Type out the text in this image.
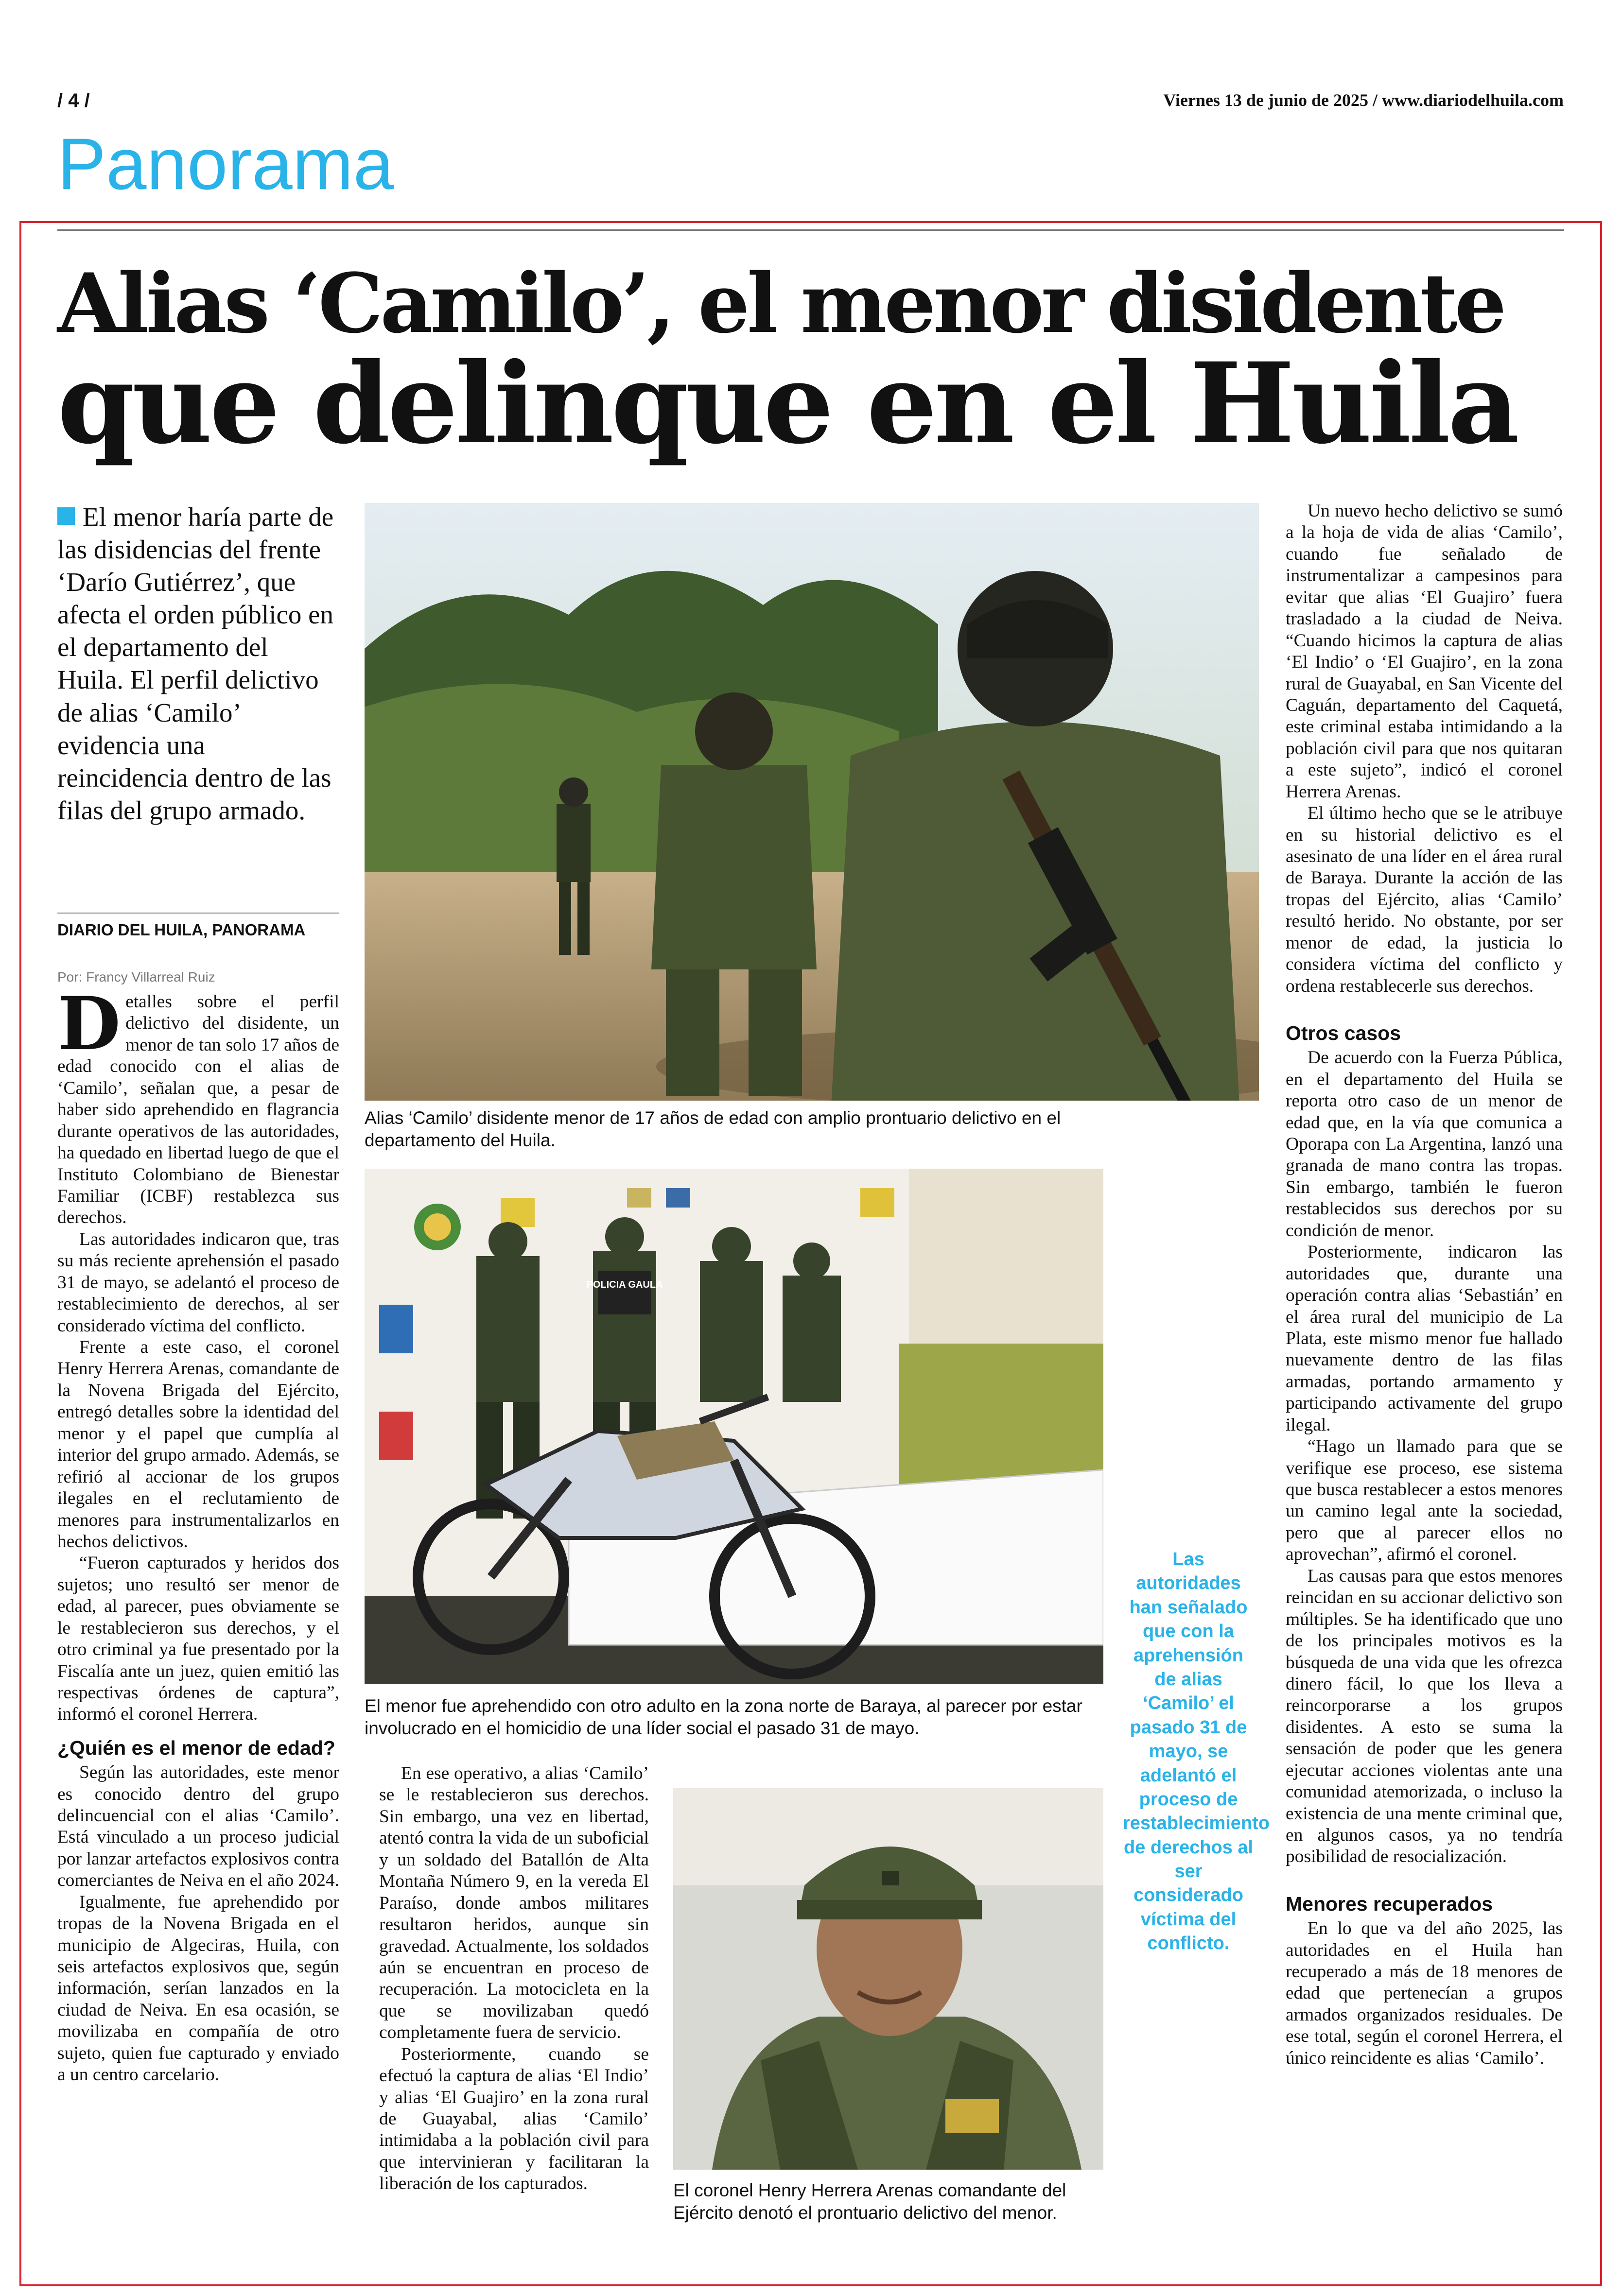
/ 4 /	Viernes 13 de junio de 2025 / www.diariodelhuila.com
Panorama
Alias ‘Camilo’, el menor disidente
que delinque en el Huila
El menor haría parte de las disidencias del frente ‘Darío Gutiérrez’, que afecta el orden público en el departamento del Huila. El perfil delictivo de alias ‘Camilo’ evidencia una reincidencia dentro de las filas del grupo armado.
DIARIO DEL HUILA, PANORAMA
Por: Francy Villarreal Ruiz

Detalles sobre el perfil delictivo del disidente, un menor de tan solo 17 años de edad conocido con el alias de ‘Camilo’, señalan que, a pesar de haber sido aprehendido en flagrancia durante operativos de las autoridades, ha quedado en libertad luego de que el Instituto Colombiano de Bienestar Familiar (ICBF) restablezca sus derechos.

Las autoridades indicaron que, tras su más reciente aprehensión el pasado 31 de mayo, se adelantó el proceso de restablecimiento de derechos, al ser considerado víctima del conflicto.

Frente a este caso, el coronel Henry Herrera Arenas, comandante de la Novena Brigada del Ejército, entregó detalles sobre la identidad del menor y el papel que cumplía al interior del grupo armado. Además, se refirió al accionar de los grupos ilegales en el reclutamiento de menores para instrumentalizarlos en hechos delictivos.

“Fueron capturados y heridos dos sujetos; uno resultó ser menor de edad, al parecer, pues obviamente se le restablecieron sus derechos, y el otro criminal ya fue presentado por la Fiscalía ante un juez, quien emitió las respectivas órdenes de captura”, informó el coronel Herrera.

¿Quién es el menor de edad?

Según las autoridades, este menor es conocido dentro del grupo delincuencial con el alias ‘Camilo’. Está vinculado a un proceso judicial por lanzar artefactos explosivos contra comerciantes de Neiva en el año 2024.

Igualmente, fue aprehendido por tropas de la Novena Brigada en el municipio de Algeciras, Huila, con seis artefactos explosivos que, según información, serían lanzados en la ciudad de Neiva. En esa ocasión, se movilizaba en compañía de otro sujeto, quien fue capturado y enviado a un centro carcelario.

Alias ‘Camilo’ disidente menor de 17 años de edad con amplio prontuario delictivo en el departamento del Huila.
POLICIA GAULA
El menor fue aprehendido con otro adulto en la zona norte de Baraya, al parecer por estar involucrado en el homicidio de una líder social el pasado 31 de mayo.

En ese operativo, a alias ‘Camilo’ se le restablecieron sus derechos. Sin embargo, una vez en libertad, atentó contra la vida de un suboficial y un soldado del Batallón de Alta Montaña Número 9, en la vereda El Paraíso, donde ambos militares resultaron heridos, aunque sin gravedad. Actualmente, los soldados aún se encuentran en proceso de recuperación. La motocicleta en la que se movilizaban quedó completamente fuera de servicio.

Posteriormente, cuando se efectuó la captura de alias ‘El Indio’ y alias ‘El Guajiro’ en la zona rural de Guayabal, alias ‘Camilo’ intimidaba a la población civil para que intervinieran y facilitaran la liberación de los capturados.	El coronel Henry Herrera Arenas comandante del Ejército denotó el prontuario delictivo del menor.
Las autoridades han señalado que con la aprehensión de alias ‘Camilo’ el pasado 31 de mayo, se adelantó el proceso de restablecimiento de derechos al ser considerado víctima del conflicto.

Un nuevo hecho delictivo se sumó a la hoja de vida de alias ‘Camilo’, cuando fue señalado de instrumentalizar a campesinos para evitar que alias ‘El Guajiro’ fuera trasladado a la ciudad de Neiva. “Cuando hicimos la captura de alias ‘El Indio’ o ‘El Guajiro’, en la zona rural de Guayabal, en San Vicente del Caguán, departamento del Caquetá, este criminal estaba intimidando a la población civil para que nos quitaran a este sujeto”, indicó el coronel Herrera Arenas.

El último hecho que se le atribuye en su historial delictivo es el asesinato de una líder en el área rural de Baraya. Durante la acción de las tropas del Ejército, alias ‘Camilo’ resultó herido. No obstante, por ser menor de edad, la justicia lo considera víctima del conflicto y ordena restablecerle sus derechos.

Otros casos

De acuerdo con la Fuerza Pública, en el departamento del Huila se reporta otro caso de un menor de edad que, en la vía que comunica a Oporapa con La Argentina, lanzó una granada de mano contra las tropas. Sin embargo, también le fueron restablecidos sus derechos por su condición de menor.

Posteriormente, indicaron las autoridades que, durante una operación contra alias ‘Sebastián’ en el área rural del municipio de La Plata, este mismo menor fue hallado nuevamente dentro de las filas armadas, portando armamento y participando activamente del grupo ilegal.

“Hago un llamado para que se verifique ese proceso, ese sistema que busca restablecer a estos menores un camino legal ante la sociedad, pero que al parecer ellos no aprovechan”, afirmó el coronel.

Las causas para que estos menores reincidan en su accionar delictivo son múltiples. Se ha identificado que uno de los principales motivos es la búsqueda de una vida que les ofrezca dinero fácil, lo que los lleva a reincorporarse a los grupos disidentes. A esto se suma la sensación de poder que les genera ejecutar acciones violentas ante una comunidad atemorizada, o incluso la existencia de una mente criminal que, en algunos casos, ya no tendría posibilidad de resocialización.

Menores recuperados

En lo que va del año 2025, las autoridades en el Huila han recuperado a más de 18 menores de edad que pertenecían a grupos armados organizados residuales. De ese total, según el coronel Herrera, el único reincidente es alias ‘Camilo’.
